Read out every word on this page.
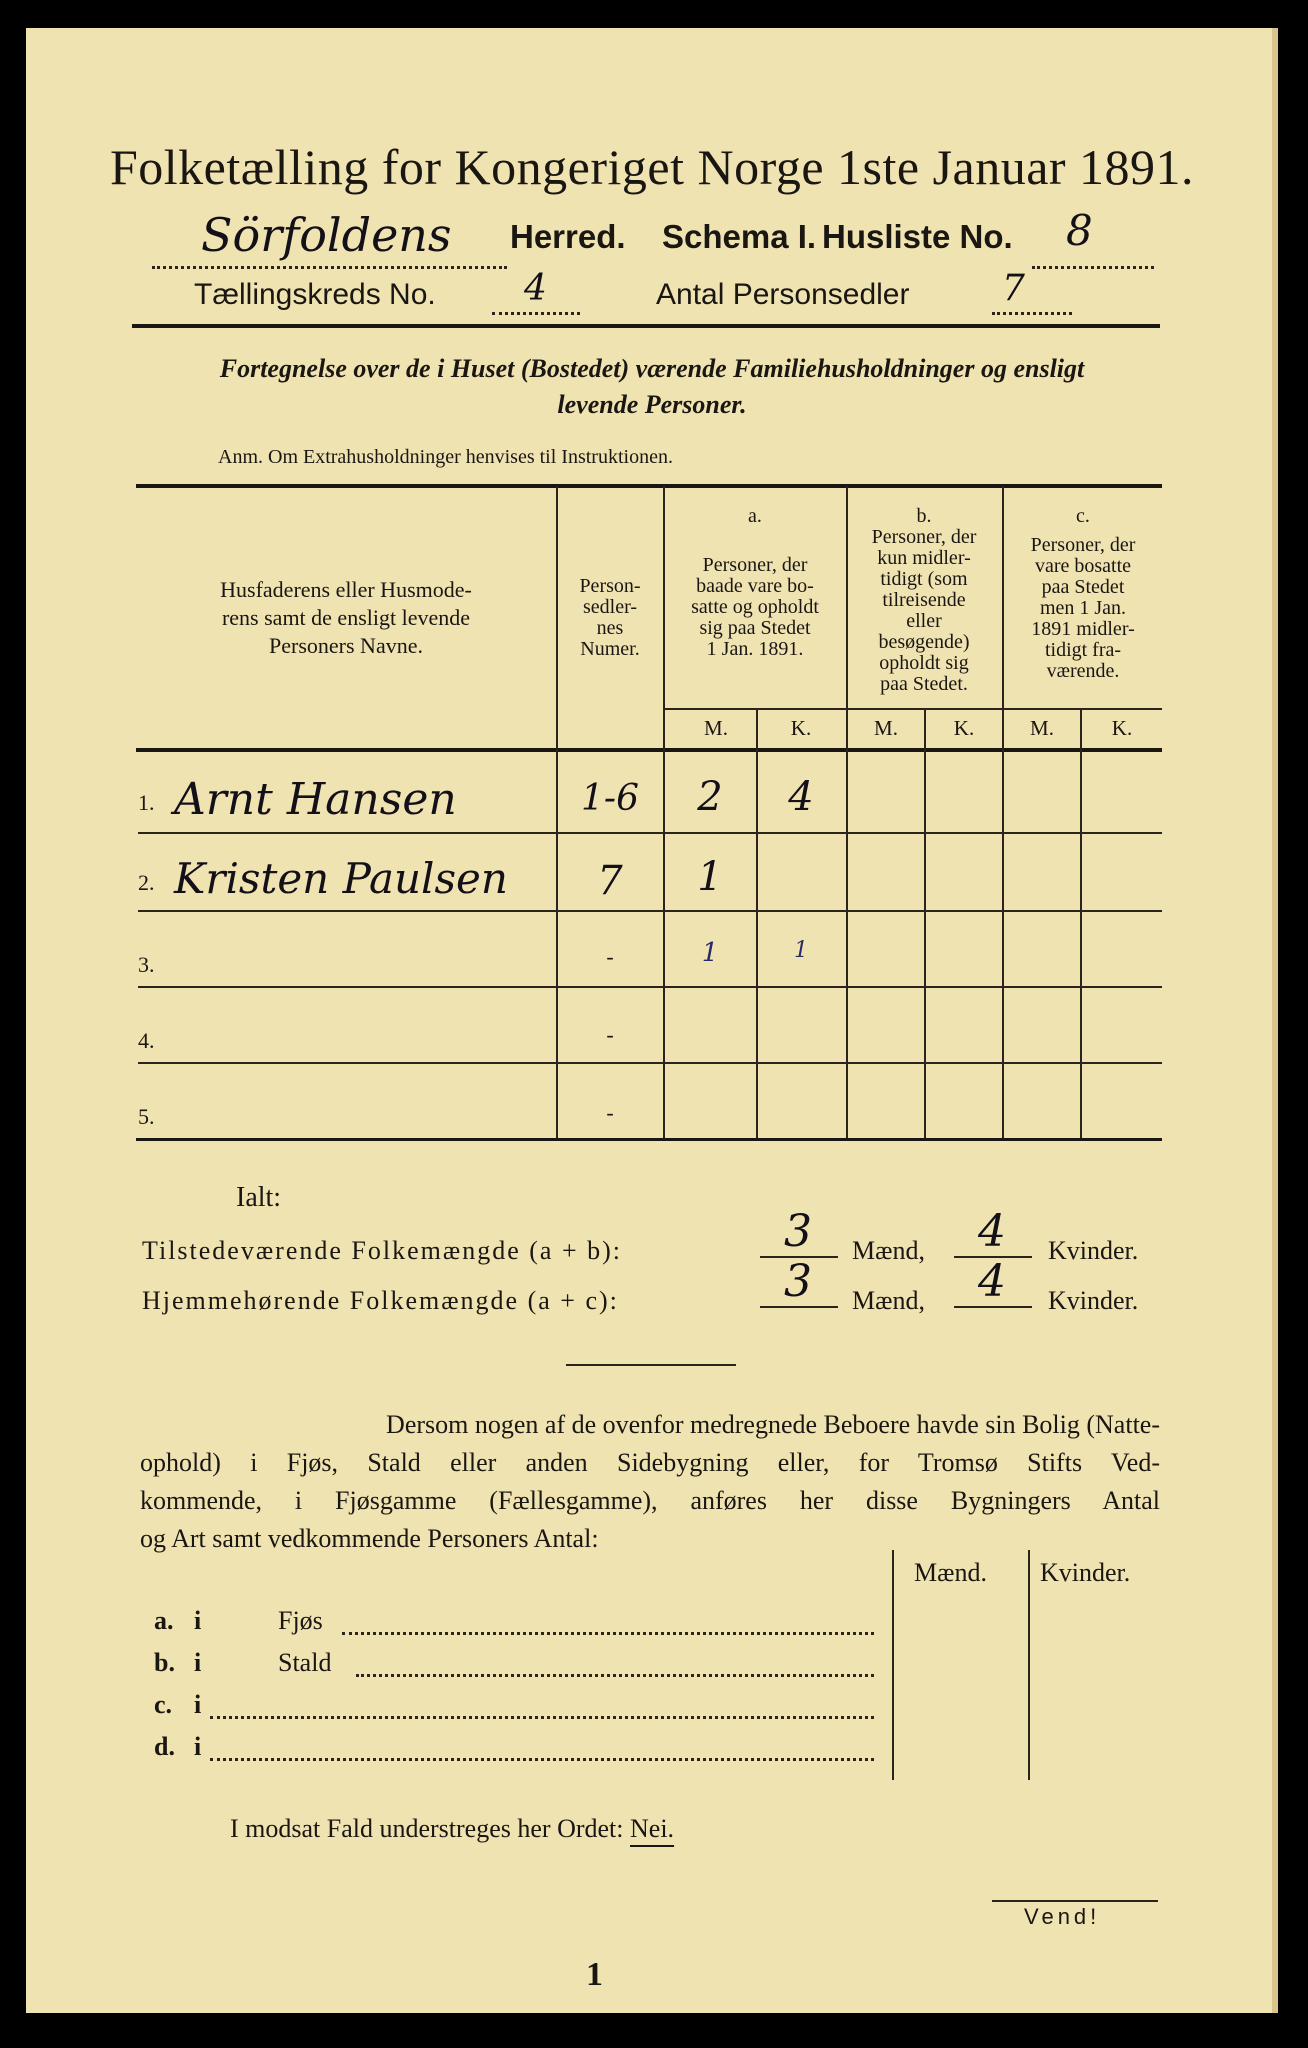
Folketælling for Kongeriget Norge 1ste Januar 1891.
Sörfoldens Herred. Schema I. Husliste No. 8
Tællingskreds No. 4	Antal Personsedler	7
Fortegnelse over de i Huset (Bostedet) værende Familiehusholdninger og ensligt
levende Personer.
Anm. Om Extrahusholdninger henvises til Instruktionen.
Husfaderens eller Husmode-
rens samt de ensligt levende
Personers Navne.
Person-
sedler-
nes
Numer.
a.
Personer, der
baade vare bo-
satte og opholdt
sig paa Stedet
1 Jan. 1891.
b.
Personer, der
kun midler-
tidigt (som
tilreisende
eller
besøgende)
opholdt sig
paa Stedet.
c.
Personer, der
vare bosatte
paa Stedet
men 1 Jan.
1891 midler-
tidigt fra-
værende.
M.	K.	M.	K.	M.	K.
1. Arnt Hansen	1-6	2	4
2. Kristen Paulsen	7	1
3.	-	1	1
4.	-
5.	-
Ialt:
Tilstedeværende Folkemængde (a + b):	3 Mænd, 4 Kvinder.
Hjemmehørende Folkemængde (a + c):	3 Mænd, 4 Kvinder.
Dersom nogen af de ovenfor medregnede Beboere havde sin Bolig (Natte-
ophold) i Fjøs, Stald eller anden Sidebygning eller, for Tromsø Stifts Ved-
kommende, i Fjøsgamme (Fællesgamme), anføres her disse Bygningers Antal
og Art samt vedkommende Personers Antal:
Mænd. Kvinder.
a. i	Fjøs
b. i	Stald
c. i
d. i
I modsat Fald understreges her Ordet: Nei.
Vend!
1
